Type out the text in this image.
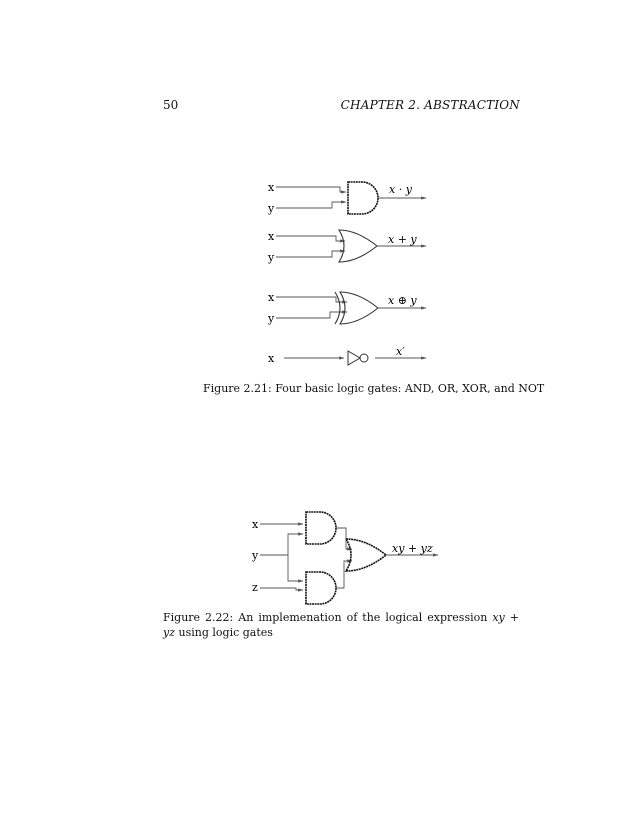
50	CHAPTER 2. ABSTRACTION
x
y
x · y
x
y
x + y
x
y
x ⊕ y
x
x′
x
y
z
xy + yz
Figure 2.21: Four basic logic gates: AND, OR, XOR, and NOT
Figure 2.22: An implemenation of the logical expression xy + yz using logic gates
